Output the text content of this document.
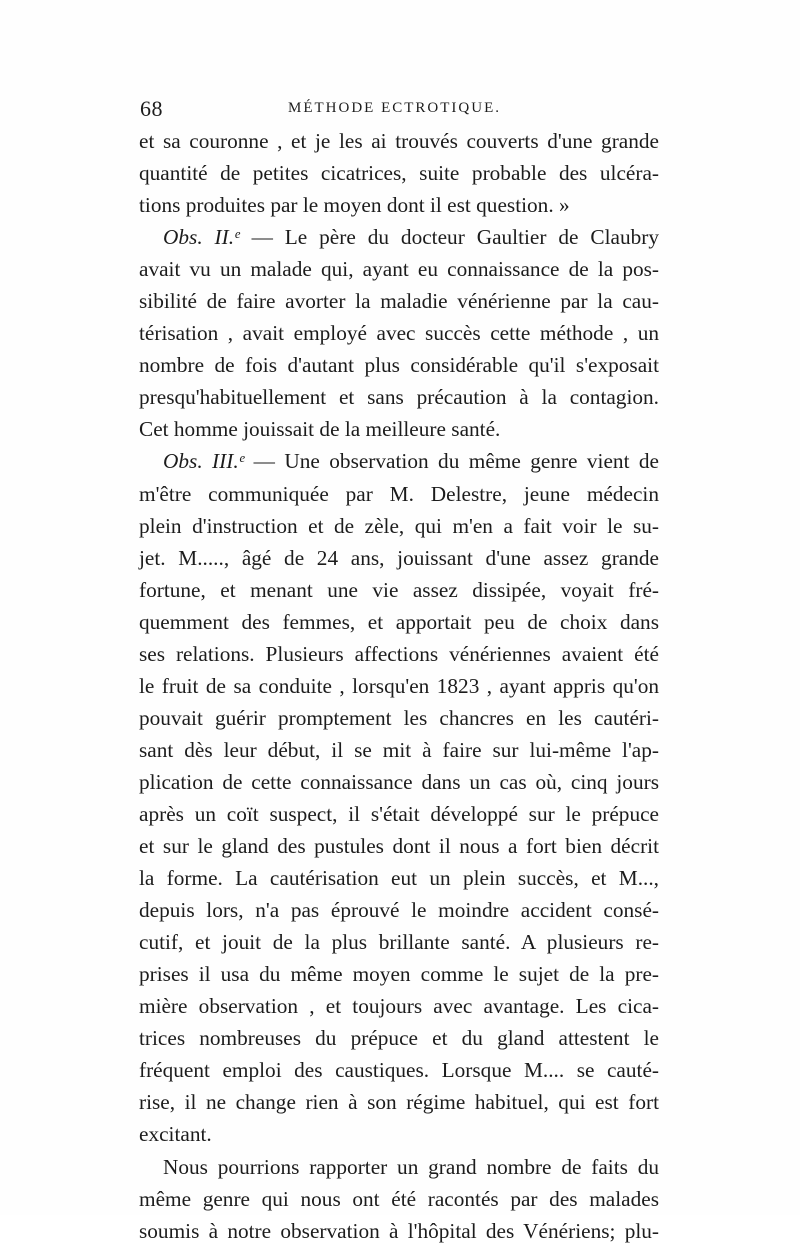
68	MÉTHODE ECTROTIQUE.
et sa couronne , et je les ai trouvés couverts d'une grande
quantité de petites cicatrices, suite probable des ulcéra-
tions produites par le moyen dont il est question. »
Obs. II.ᵉ — Le père du docteur Gaultier de Claubry
avait vu un malade qui, ayant eu connaissance de la pos-
sibilité de faire avorter la maladie vénérienne par la cau-
térisation , avait employé avec succès cette méthode , un
nombre de fois d'autant plus considérable qu'il s'exposait
presqu'habituellement et sans précaution à la contagion.
Cet homme jouissait de la meilleure santé.
Obs. III.ᵉ — Une observation du même genre vient de
m'être communiquée par M. Delestre, jeune médecin
plein d'instruction et de zèle, qui m'en a fait voir le su-
jet. M....., âgé de 24 ans, jouissant d'une assez grande
fortune, et menant une vie assez dissipée, voyait fré-
quemment des femmes, et apportait peu de choix dans
ses relations. Plusieurs affections vénériennes avaient été
le fruit de sa conduite , lorsqu'en 1823 , ayant appris qu'on
pouvait guérir promptement les chancres en les cautéri-
sant dès leur début, il se mit à faire sur lui-même l'ap-
plication de cette connaissance dans un cas où, cinq jours
après un coït suspect, il s'était développé sur le prépuce
et sur le gland des pustules dont il nous a fort bien décrit
la forme. La cautérisation eut un plein succès, et M...,
depuis lors, n'a pas éprouvé le moindre accident consé-
cutif, et jouit de la plus brillante santé. A plusieurs re-
prises il usa du même moyen comme le sujet de la pre-
mière observation , et toujours avec avantage. Les cica-
trices nombreuses du prépuce et du gland attestent le
fréquent emploi des caustiques. Lorsque M.... se cauté-
rise, il ne change rien à son régime habituel, qui est fort
excitant.
Nous pourrions rapporter un grand nombre de faits du
même genre qui nous ont été racontés par des malades
soumis à notre observation à l'hôpital des Vénériens; plu-
